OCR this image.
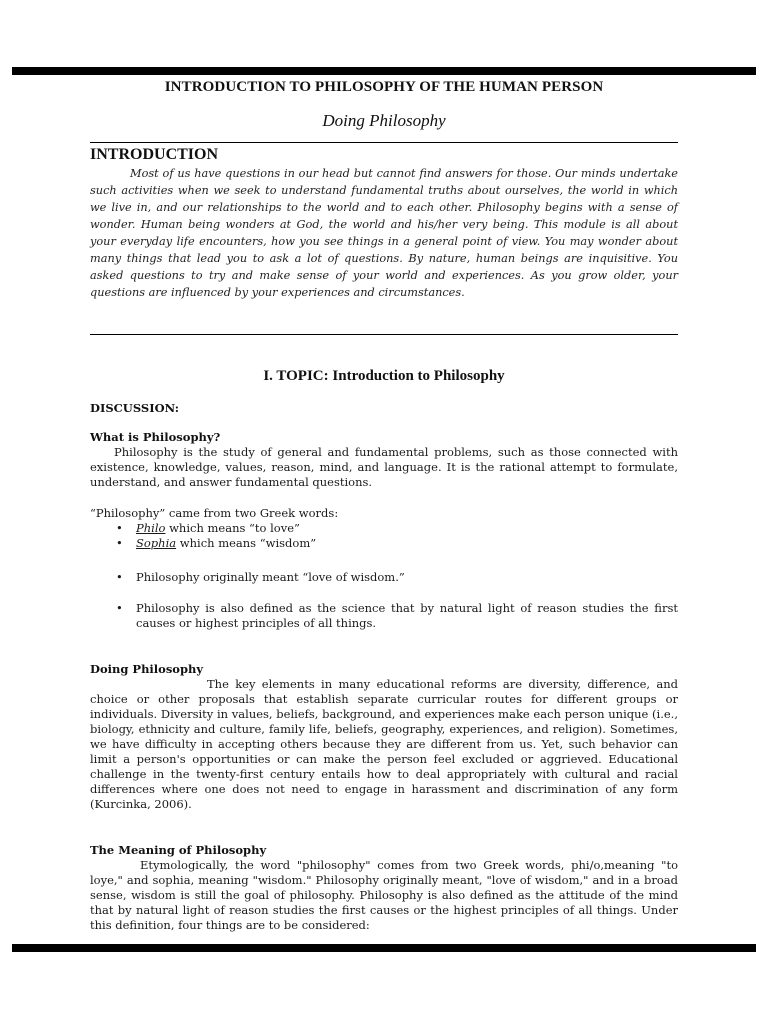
INTRODUCTION TO PHILOSOPHY OF THE HUMAN PERSON
Doing Philosophy
INTRODUCTION

Most of us have questions in our head but cannot find answers for those. Our minds undertake such activities when we seek to understand fundamental truths about ourselves, the world in which we live in, and our relationships to the world and to each other. Philosophy begins with a sense of wonder. Human being wonders at God, the world and his/her very being. This module is all about your everyday life encounters, how you see things in a general point of view. You may wonder about many things that lead you to ask a lot of questions. By nature, human beings are inquisitive. You asked questions to try and make sense of your world and experiences. As you grow older, your questions are influenced by your experiences and circumstances.

I. TOPIC: Introduction to Philosophy
DISCUSSION:
What is Philosophy?

Philosophy is the study of general and fundamental problems, such as those connected with existence, knowledge, values, reason, mind, and language. It is the rational attempt to formulate, understand, and answer fundamental questions.

“Philosophy” came from two Greek words:

• Philo which means “to love”
• Sophia which means “wisdom”
• Philosophy originally meant “love of wisdom.”
• Philosophy is also defined as the science that by natural light of reason studies the first causes or highest principles of all things.
Doing Philosophy

The key elements in many educational reforms are diversity, difference, and choice or other proposals that establish separate curricular routes for different groups or individuals. Diversity in values, beliefs, background, and experiences make each person unique (i.e., biology, ethnicity and culture, family life, beliefs, geography, experiences, and religion). Sometimes, we have difficulty in accepting others because they are different from us. Yet, such behavior can limit a person's opportunities or can make the person feel excluded or aggrieved. Educational challenge in the twenty-first century entails how to deal appropriately with cultural and racial differences where one does not need to engage in harassment and discrimination of any form (Kurcinka, 2006).

The Meaning of Philosophy

Etymologically, the word "philosophy" comes from two Greek words, phi/o,meaning "to loye," and sophia, meaning "wisdom." Philosophy originally meant, "love of wisdom," and in a broad sense, wisdom is still the goal of philosophy. Philosophy is also defined as the attitude of the mind that by natural light of reason studies the first causes or the highest principles of all things. Under this definition, four things are to be considered:
